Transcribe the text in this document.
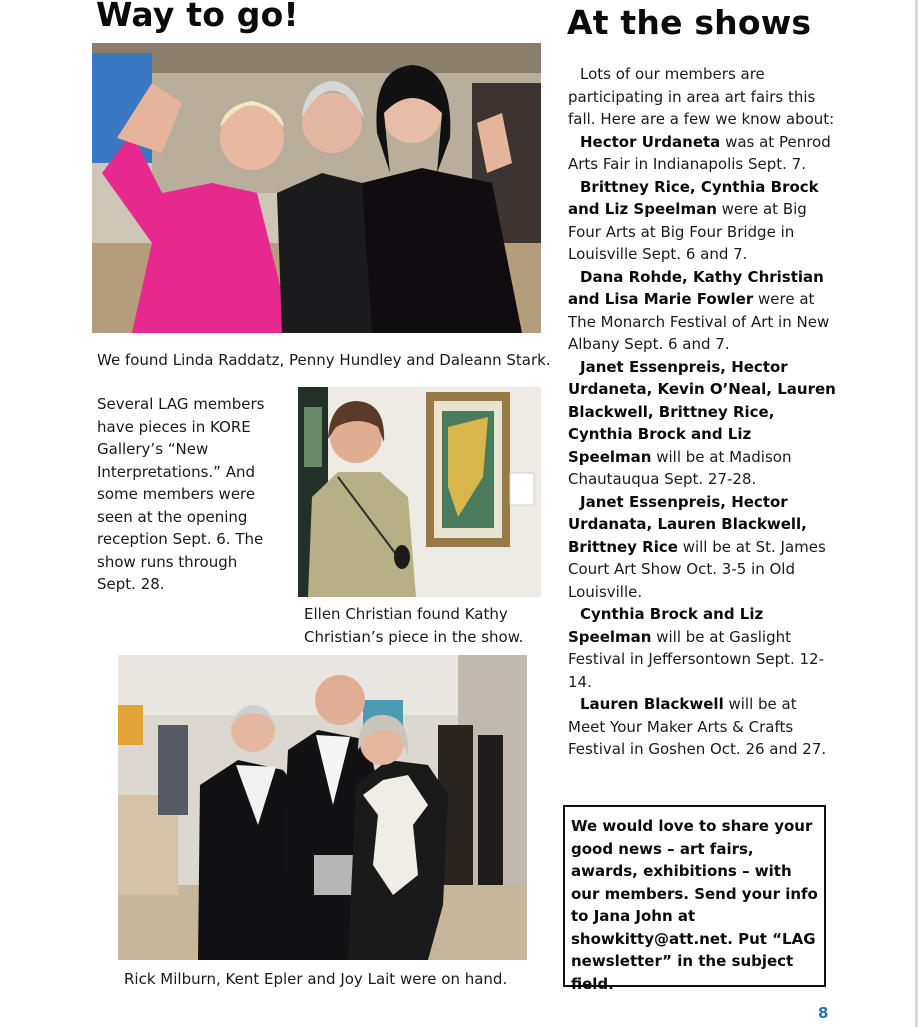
Way to go!	At the shows

We found Linda Raddatz, Penny Hundley and Daleann Stark.

Several LAG members have pieces in KORE Gallery’s “New Interpretations.” And some members were seen at the opening reception Sept. 6. The show runs through Sept. 28.

Ellen Christian found Kathy Christian’s piece in the show.

Rick Milburn, Kent Epler and Joy Lait were on hand.

Lots of our members are participating in area art fairs this fall. Here are a few we know about:

Hector Urdaneta was at Penrod Arts Fair in Indianapolis Sept. 7.

Brittney Rice, Cynthia Brock and Liz Speelman were at Big Four Arts at Big Four Bridge in Louisville Sept. 6 and 7.

Dana Rohde, Kathy Christian and Lisa Marie Fowler were at The Monarch Festival of Art in New Albany Sept. 6 and 7.

Janet Essenpreis, Hector Urdaneta, Kevin O’Neal, Lauren Blackwell, Brittney Rice, Cynthia Brock and Liz Speelman will be at Madison Chautauqua Sept. 27-28.

Janet Essenpreis, Hector Urdanata, Lauren Blackwell, Brittney Rice will be at St. James Court Art Show Oct. 3-5 in Old Louisville.

Cynthia Brock and Liz Speelman will be at Gaslight Festival in Jeffersontown Sept. 12-14.

Lauren Blackwell will be at Meet Your Maker Arts & Crafts Festival in Goshen Oct. 26 and 27.

We would love to share your good news – art fairs, awards, exhibitions – with our members. Send your info to Jana John at showkitty@att.net. Put “LAG newsletter” in the subject field.
8
